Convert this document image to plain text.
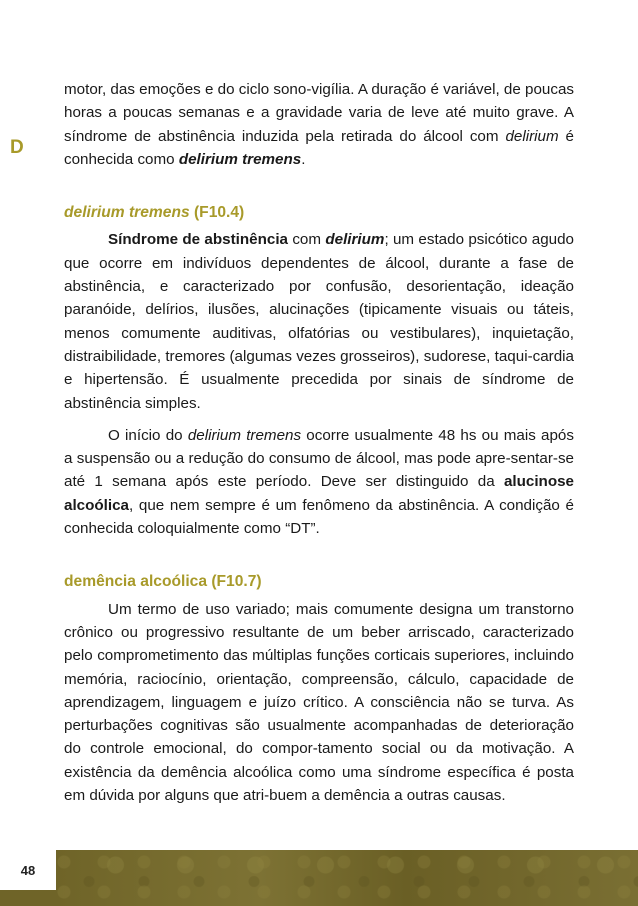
D

motor, das emoções e do ciclo sono-vigília. A duração é variável, de poucas horas a poucas semanas e a gravidade varia de leve até muito grave. A síndrome de abstinência induzida pela retirada do álcool com delirium é conhecida como delirium tremens.

delirium tremens (F10.4)

Síndrome de abstinência com delirium; um estado psicótico agudo que ocorre em indivíduos dependentes de álcool, durante a fase de abstinência, e caracterizado por confusão, desorientação, ideação paranóide, delírios, ilusões, alucinações (tipicamente visuais ou táteis, menos comumente auditivas, olfatórias ou vestibulares), inquietação, distraibilidade, tremores (algumas vezes grosseiros), sudorese, taqui-cardia e hipertensão. É usualmente precedida por sinais de síndrome de abstinência simples.

O início do delirium tremens ocorre usualmente 48 hs ou mais após a suspensão ou a redução do consumo de álcool, mas pode apre-sentar-se até 1 semana após este período. Deve ser distinguido da alucinose alcoólica, que nem sempre é um fenômeno da abstinência. A condição é conhecida coloquialmente como “DT”.

demência alcoólica (F10.7)

Um termo de uso variado; mais comumente designa um transtorno crônico ou progressivo resultante de um beber arriscado, caracterizado pelo comprometimento das múltiplas funções corticais superiores, incluindo memória, raciocínio, orientação, compreensão, cálculo, capacidade de aprendizagem, linguagem e juízo crítico. A consciência não se turva. As perturbações cognitivas são usualmente acompanhadas de deterioração do controle emocional, do compor-tamento social ou da motivação. A existência da demência alcoólica como uma síndrome específica é posta em dúvida por alguns que atri-buem a demência a outras causas.

48
